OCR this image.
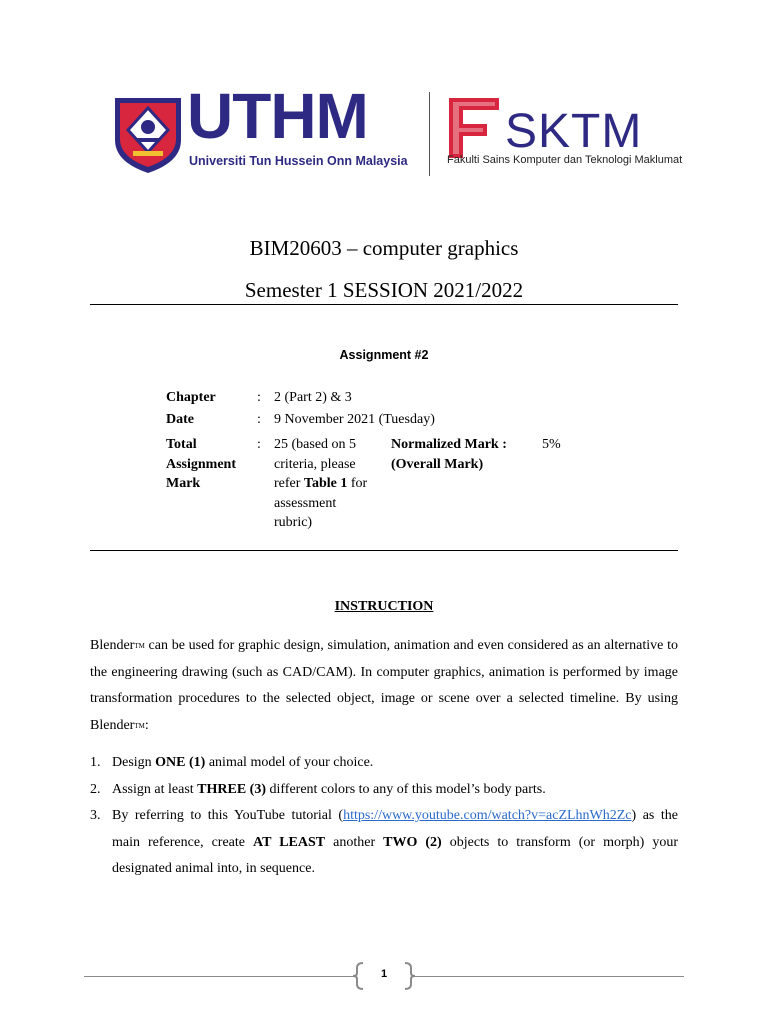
UTHM
Universiti Tun Hussein Onn Malaysia
SKTM
Fakulti Sains Komputer dan Teknologi Maklumat
BIM20603 – computer graphics
Semester 1 SESSION 2021/2022
Assignment #2
Chapter	: 2 (Part 2) & 3
Date	: 9 November 2021 (Tuesday)
Total
Assignment
Mark
: 25 (based on 5
criteria, please
refer Table 1 for
assessment
rubric)
Normalized Mark :
(Overall Mark)
5%
INSTRUCTION
BlenderTM can be used for graphic design, simulation, animation and even considered as an alternative to the engineering drawing (such as CAD/CAM). In computer graphics, animation is performed by image transformation procedures to the selected object, image or scene over a selected timeline. By using BlenderTM:
1. Design ONE (1) animal model of your choice.
2. Assign at least THREE (3) different colors to any of this model’s body parts.
3. By referring to this YouTube tutorial (https://www.youtube.com/watch?v=acZLhnWh2Zc) as the main reference, create AT LEAST another TWO (2) objects to transform (or morph) your designated animal into, in sequence.
1
